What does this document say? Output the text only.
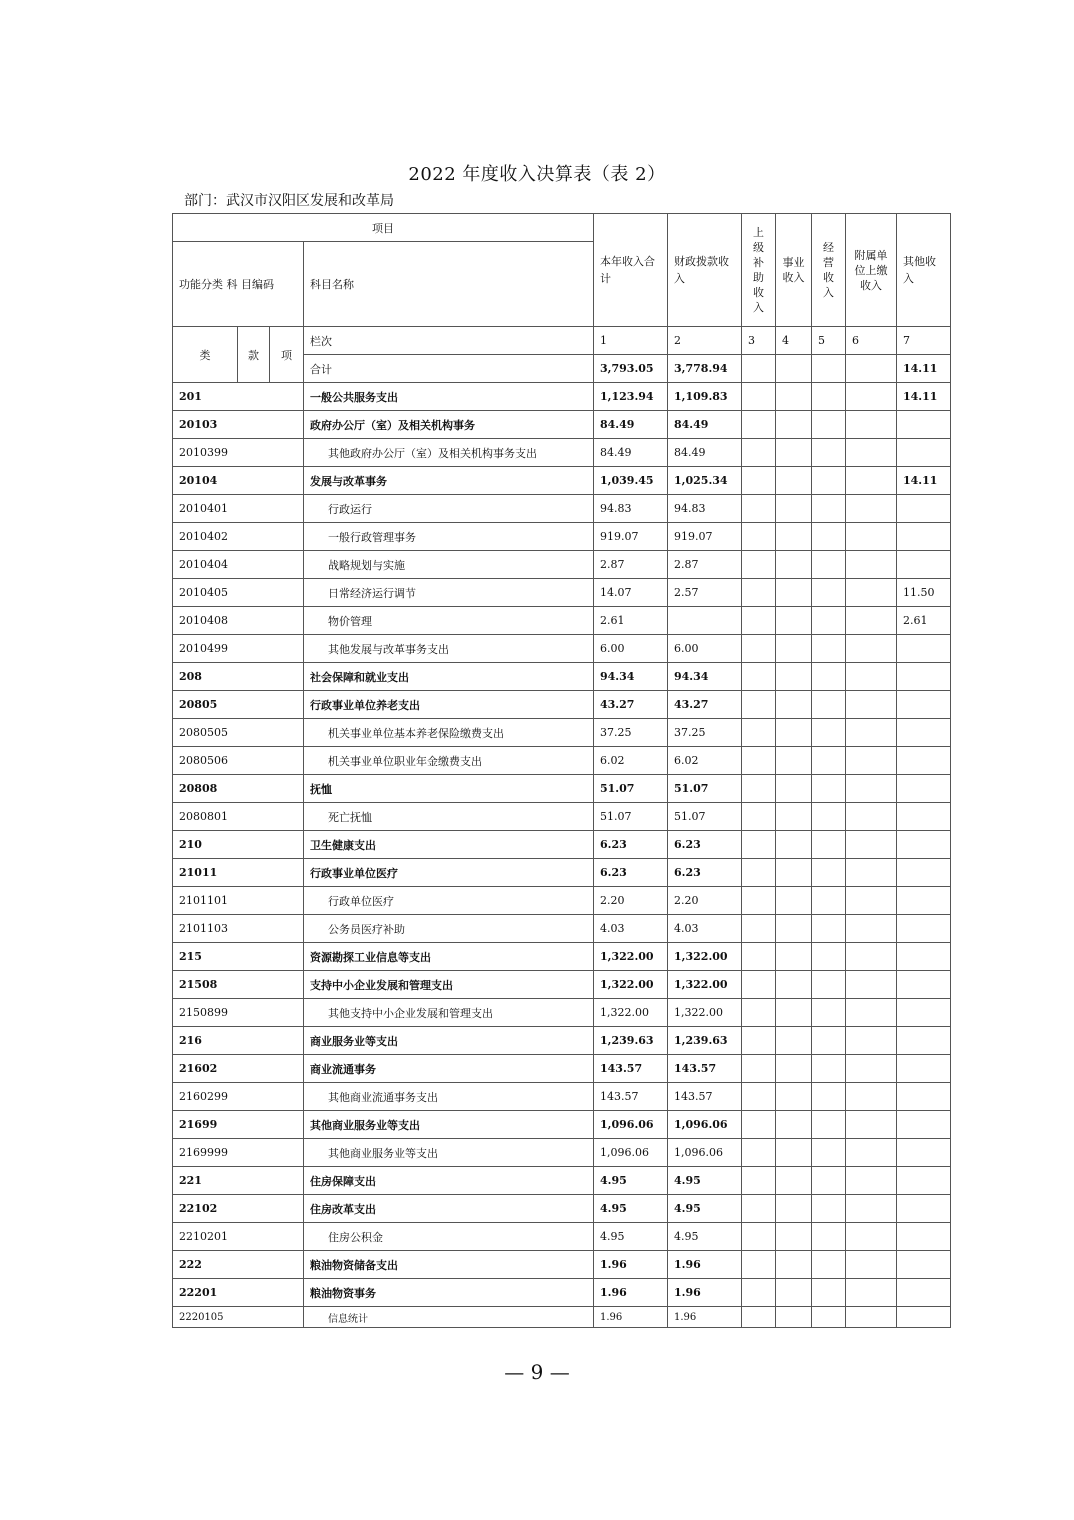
2022 年度收入决算表（表 2）
部门：武汉市汉阳区发展和改革局
项目				本年收入合计	财政拨款收入	上级补助收入	事业收入	经营收入	附属单位上缴收入	其他收入
功能分类 科 目编码			科目名称							
类	款	项	栏次	1	2	3	4	5	6	7
			合计	3,793.05	3,778.94					14.11
201			一般公共服务支出	1,123.94	1,109.83					14.11
20103			政府办公厅（室）及相关机构事务	84.49	84.49					
2010399			其他政府办公厅（室）及相关机构事务支出	84.49	84.49					
20104			发展与改革事务	1,039.45	1,025.34					14.11
2010401			行政运行	94.83	94.83					
2010402			一般行政管理事务	919.07	919.07					
2010404			战略规划与实施	2.87	2.87					
2010405			日常经济运行调节	14.07	2.57					11.50
2010408			物价管理	2.61						2.61
2010499			其他发展与改革事务支出	6.00	6.00					
208			社会保障和就业支出	94.34	94.34					
20805			行政事业单位养老支出	43.27	43.27					
2080505			机关事业单位基本养老保险缴费支出	37.25	37.25					
2080506			机关事业单位职业年金缴费支出	6.02	6.02					
20808			抚恤	51.07	51.07					
2080801			死亡抚恤	51.07	51.07					
210			卫生健康支出	6.23	6.23					
21011			行政事业单位医疗	6.23	6.23					
2101101			行政单位医疗	2.20	2.20					
2101103			公务员医疗补助	4.03	4.03					
215			资源勘探工业信息等支出	1,322.00	1,322.00					
21508			支持中小企业发展和管理支出	1,322.00	1,322.00					
2150899			其他支持中小企业发展和管理支出	1,322.00	1,322.00					
216			商业服务业等支出	1,239.63	1,239.63					
21602			商业流通事务	143.57	143.57					
2160299			其他商业流通事务支出	143.57	143.57					
21699			其他商业服务业等支出	1,096.06	1,096.06					
2169999			其他商业服务业等支出	1,096.06	1,096.06					
221			住房保障支出	4.95	4.95					
22102			住房改革支出	4.95	4.95					
2210201			住房公积金	4.95	4.95					
222			粮油物资储备支出	1.96	1.96					
22201			粮油物资事务	1.96	1.96					
2220105			信息统计	1.96	1.96					
— 9 —
